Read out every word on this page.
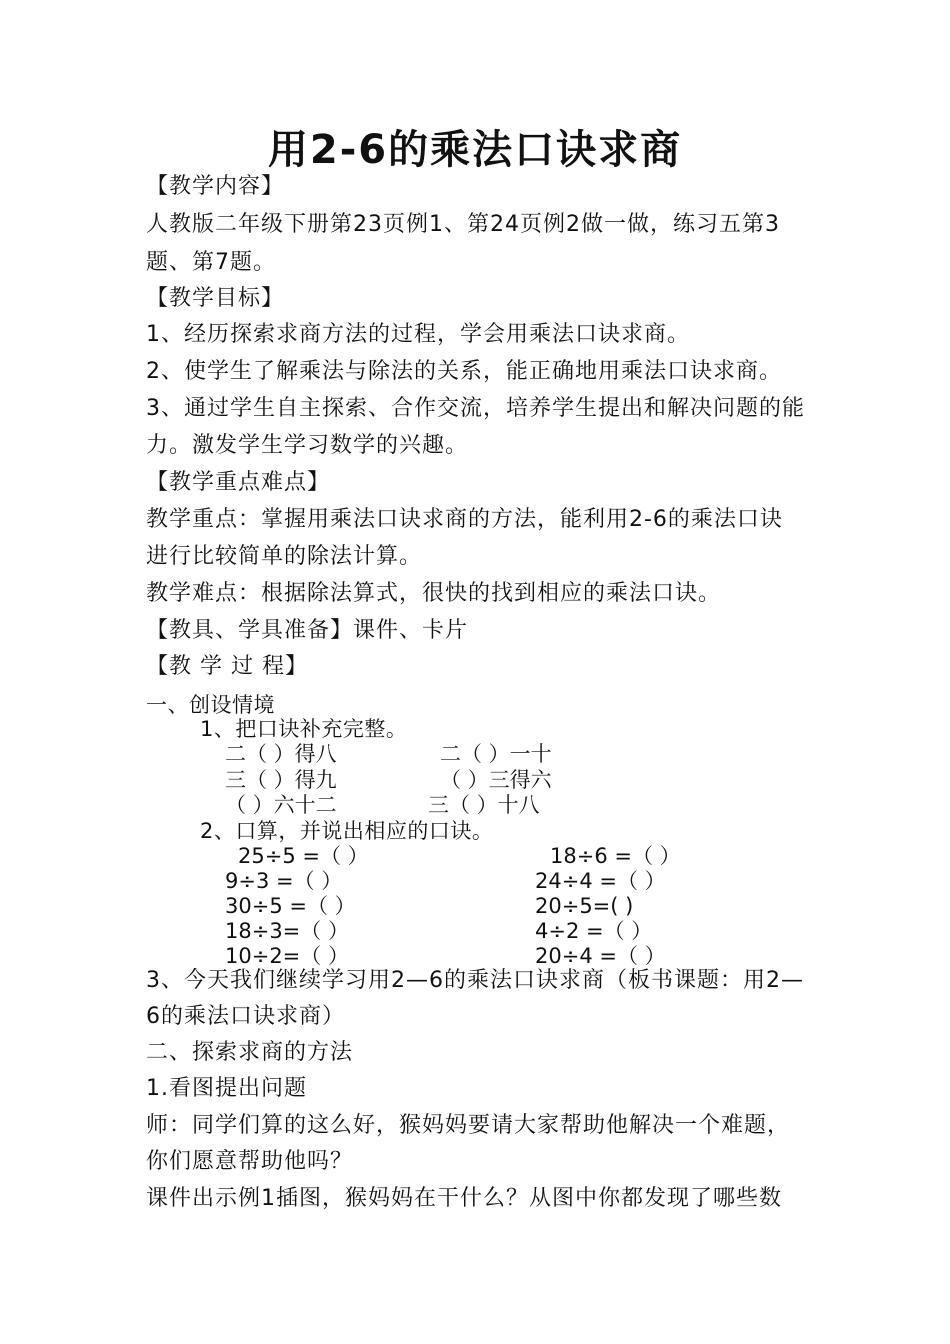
用2-6的乘法口诀求商
【教学内容】
人教版二年级下册第23页例1、第24页例2做一做，练习五第3
题、第7题。
【教学目标】
1、经历探索求商方法的过程，学会用乘法口诀求商。
2、使学生了解乘法与除法的关系，能正确地用乘法口诀求商。
3、通过学生自主探索、合作交流，培养学生提出和解决问题的能
力。激发学生学习数学的兴趣。
【教学重点难点】
教学重点：掌握用乘法口诀求商的方法，能利用2-6的乘法口诀
进行比较简单的除法计算。
教学难点：根据除法算式，很快的找到相应的乘法口诀。
【教具、学具准备】课件、卡片
【教 学 过 程】
一、创设情境
1、把口诀补充完整。
二（ ）得八	二（ ）一十
三（ ）得九	（ ）三得六
（ ）六十二	三（ ）十八
2、口算，并说出相应的口诀。
25÷5 =（ ）	18÷6 =（ ）
9÷3 =（ ）	24÷4 =（ ）
30÷5 =（ ）	20÷5=( )
18÷3=（ ）	4÷2 =（ ）
10÷2=（ ）	20÷4 =（ ）
3、今天我们继续学习用2—6的乘法口诀求商（板书课题：用2—
6的乘法口诀求商）
二、探索求商的方法
1.看图提出问题
师：同学们算的这么好，猴妈妈要请大家帮助他解决一个难题，
你们愿意帮助他吗？
课件出示例1插图，猴妈妈在干什么？从图中你都发现了哪些数
